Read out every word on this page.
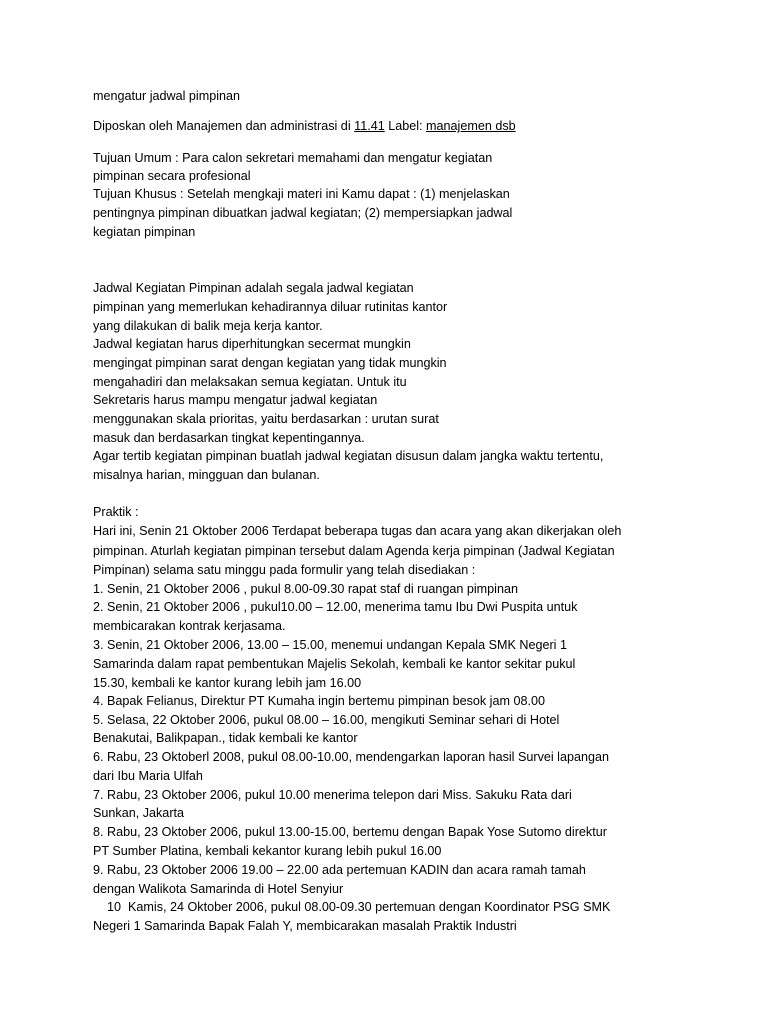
mengatur jadwal pimpinan
Diposkan oleh Manajemen dan administrasi di 11.41 Label: manajemen dsb
Tujuan Umum : Para calon sekretari memahami dan mengatur kegiatan
pimpinan secara profesional
Tujuan Khusus : Setelah mengkaji materi ini Kamu dapat : (1) menjelaskan
pentingnya pimpinan dibuatkan jadwal kegiatan; (2) mempersiapkan jadwal
kegiatan pimpinan
Jadwal Kegiatan Pimpinan adalah segala jadwal kegiatan
pimpinan yang memerlukan kehadirannya diluar rutinitas kantor
yang dilakukan di balik meja kerja kantor.
Jadwal kegiatan harus diperhitungkan secermat mungkin
mengingat pimpinan sarat dengan kegiatan yang tidak mungkin
mengahadiri dan melaksakan semua kegiatan. Untuk itu
Sekretaris harus mampu mengatur jadwal kegiatan
menggunakan skala prioritas, yaitu berdasarkan : urutan surat
masuk dan berdasarkan tingkat kepentingannya.
Agar tertib kegiatan pimpinan buatlah jadwal kegiatan disusun dalam jangka waktu tertentu,
misalnya harian, mingguan dan bulanan.
Praktik :
Hari ini, Senin 21 Oktober 2006 Terdapat beberapa tugas dan acara yang akan dikerjakan oleh
pimpinan. Aturlah kegiatan pimpinan tersebut dalam Agenda kerja pimpinan (Jadwal Kegiatan
Pimpinan) selama satu minggu pada formulir yang telah disediakan :
1. Senin, 21 Oktober 2006 , pukul 8.00-09.30 rapat staf di ruangan pimpinan
2. Senin, 21 Oktober 2006 , pukul10.00 – 12.00, menerima tamu Ibu Dwi Puspita untuk
membicarakan kontrak kerjasama.
3. Senin, 21 Oktober 2006, 13.00 – 15.00, menemui undangan Kepala SMK Negeri 1
Samarinda dalam rapat pembentukan Majelis Sekolah, kembali ke kantor sekitar pukul
15.30, kembali ke kantor kurang lebih jam 16.00
4. Bapak Felianus, Direktur PT Kumaha ingin bertemu pimpinan besok jam 08.00
5. Selasa, 22 Oktober 2006, pukul 08.00 – 16.00, mengikuti Seminar sehari di Hotel
Benakutai, Balikpapan., tidak kembali ke kantor
6. Rabu, 23 Oktoberl 2008, pukul 08.00-10.00, mendengarkan laporan hasil Survei lapangan
dari Ibu Maria Ulfah
7. Rabu, 23 Oktober 2006, pukul 10.00 menerima telepon dari Miss. Sakuku Rata dari
Sunkan, Jakarta
8. Rabu, 23 Oktober 2006, pukul 13.00-15.00, bertemu dengan Bapak Yose Sutomo direktur
PT Sumber Platina, kembali kekantor kurang lebih pukul 16.00
9. Rabu, 23 Oktober 2006 19.00 – 22.00 ada pertemuan KADIN dan acara ramah tamah
dengan Walikota Samarinda di Hotel Senyiur
10  Kamis, 24 Oktober 2006, pukul 08.00-09.30 pertemuan dengan Koordinator PSG SMK
Negeri 1 Samarinda Bapak Falah Y, membicarakan masalah Praktik Industri
